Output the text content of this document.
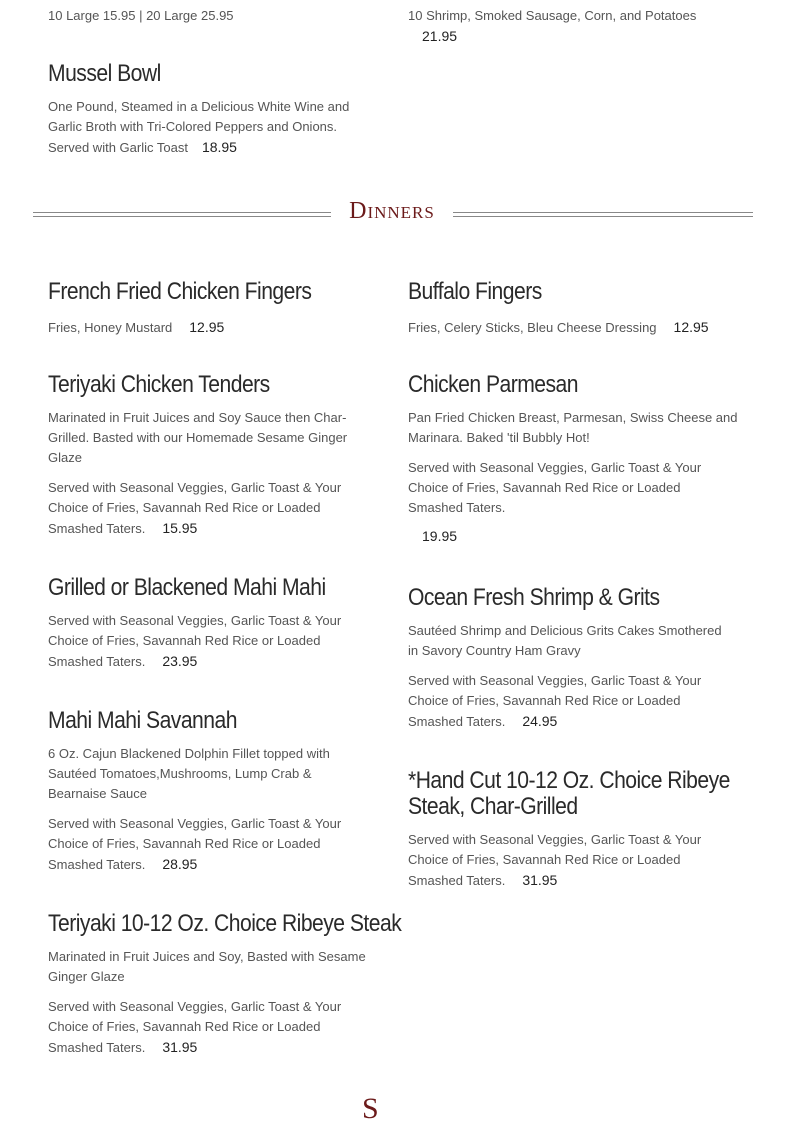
10 Large 15.95 | 20 Large 25.95	10 Shrimp, Smoked Sausage, Corn, and Potatoes
21.95
Mussel Bowl
One Pound, Steamed in a Delicious White Wine and
Garlic Broth with Tri-Colored Peppers and Onions.
Served with Garlic Toast 18.95
Dinners
French Fried Chicken Fingers
Fries, Honey Mustard 12.95
Buffalo Fingers
Fries, Celery Sticks, Bleu Cheese Dressing 12.95
Teriyaki Chicken Tenders
Marinated in Fruit Juices and Soy Sauce then Char-
Grilled. Basted with our Homemade Sesame Ginger
Glaze
Served with Seasonal Veggies, Garlic Toast & Your
Choice of Fries, Savannah Red Rice or Loaded
Smashed Taters. 15.95
Chicken Parmesan
Pan Fried Chicken Breast, Parmesan, Swiss Cheese and
Marinara. Baked 'til Bubbly Hot!
Served with Seasonal Veggies, Garlic Toast & Your
Choice of Fries, Savannah Red Rice or Loaded
Smashed Taters.
19.95
Grilled or Blackened Mahi Mahi
Served with Seasonal Veggies, Garlic Toast & Your
Choice of Fries, Savannah Red Rice or Loaded
Smashed Taters. 23.95
Ocean Fresh Shrimp & Grits
Sautéed Shrimp and Delicious Grits Cakes Smothered
in Savory Country Ham Gravy
Served with Seasonal Veggies, Garlic Toast & Your
Choice of Fries, Savannah Red Rice or Loaded
Smashed Taters. 24.95
Mahi Mahi Savannah
6 Oz. Cajun Blackened Dolphin Fillet topped with
Sautéed Tomatoes,Mushrooms, Lump Crab &
Bearnaise Sauce
Served with Seasonal Veggies, Garlic Toast & Your
Choice of Fries, Savannah Red Rice or Loaded
Smashed Taters. 28.95
*Hand Cut 10-12 Oz. Choice Ribeye
Steak, Char-Grilled
Served with Seasonal Veggies, Garlic Toast & Your
Choice of Fries, Savannah Red Rice or Loaded
Smashed Taters. 31.95
Teriyaki 10-12 Oz. Choice Ribeye Steak
Marinated in Fruit Juices and Soy, Basted with Sesame
Ginger Glaze
Served with Seasonal Veggies, Garlic Toast & Your
Choice of Fries, Savannah Red Rice or Loaded
Smashed Taters. 31.95
S
